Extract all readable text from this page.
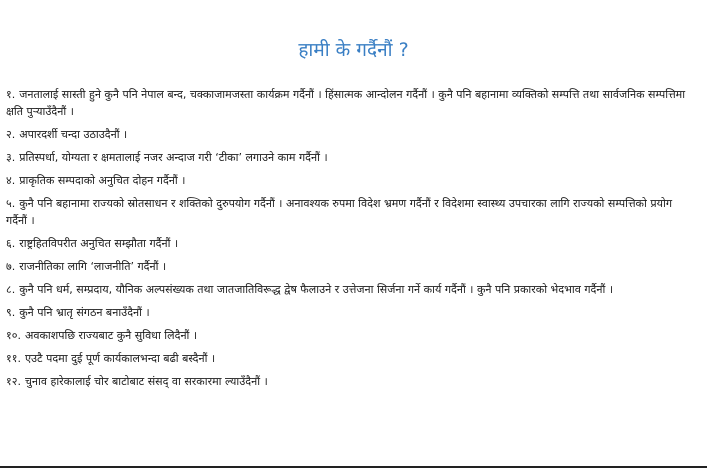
हामी के गर्दैनौं ?
१. जनतालाई सास्ती हुने कुनै पनि नेपाल बन्द, चक्काजामजस्ता कार्यक्रम गर्दैनौं । हिंसात्मक आन्दोलन गर्दैनौं । कुनै पनि बहानामा व्यक्तिको सम्पत्ति तथा सार्वजनिक सम्पत्तिमा क्षति पुर्‍याउँदैनौं ।
२. अपारदर्शी चन्दा उठाउदैनौं ।
३. प्रतिस्पर्धा, योग्यता र क्षमतालाई नजर अन्दाज गरी ‘टीका’ लगाउने काम गर्दैनौं ।
४. प्राकृतिक सम्पदाको अनुचित दोहन गर्दैनौं ।
५. कुनै पनि बहानामा राज्यको स्रोतसाधन र शक्तिको दुरुपयोग गर्दैनौं । अनावश्यक रुपमा विदेश भ्रमण गर्दैनौं र विदेशमा स्वास्थ्य उपचारका लागि राज्यको सम्पत्तिको प्रयोग गर्दैनौं ।
६. राष्ट्रहितविपरीत अनुचित सम्झौता गर्दैनौं ।
७. राजनीतिका लागि ‘लाजनीति’ गर्दैनौं ।
८. कुनै पनि धर्म, सम्प्रदाय, यौनिक अल्पसंख्यक तथा जातजातिविरूद्ध द्वेष फैलाउने र उत्तेजना सिर्जना गर्ने कार्य गर्दैनौं । कुनै पनि प्रकारको भेदभाव गर्दैनौं ।
९. कुनै पनि भ्रातृ संगठन बनाउँदैनौं ।
१०. अवकाशपछि राज्यबाट कुनै सुविधा लिदैनौं ।
११. एउटै पदमा दुई पूर्ण कार्यकालभन्दा बढी बस्दैनौं ।
१२. चुनाव हारेकालाई चोर बाटोबाट संसद् वा सरकारमा ल्याउँदैनौं ।
